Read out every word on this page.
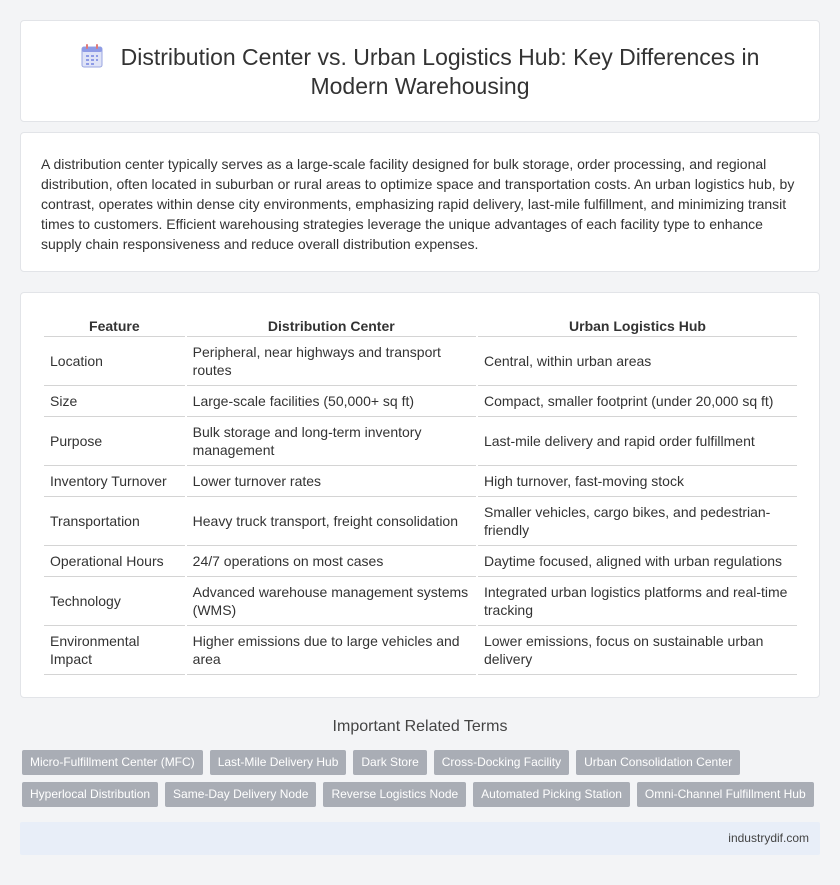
Distribution Center vs. Urban Logistics Hub: Key Differences in Modern Warehousing

A distribution center typically serves as a large-scale facility designed for bulk storage, order processing, and regional distribution, often located in suburban or rural areas to optimize space and transportation costs. An urban logistics hub, by contrast, operates within dense city environments, emphasizing rapid delivery, last-mile fulfillment, and minimizing transit times to customers. Efficient warehousing strategies leverage the unique advantages of each facility type to enhance supply chain responsiveness and reduce overall distribution expenses.

Feature	Distribution Center	Urban Logistics Hub
Location	Peripheral, near highways and transport routes	Central, within urban areas
Size	Large-scale facilities (50,000+ sq ft)	Compact, smaller footprint (under 20,000 sq ft)
Purpose	Bulk storage and long-term inventory management	Last-mile delivery and rapid order fulfillment
Inventory Turnover	Lower turnover rates	High turnover, fast-moving stock
Transportation	Heavy truck transport, freight consolidation	Smaller vehicles, cargo bikes, and pedestrian-friendly
Operational Hours	24/7 operations on most cases	Daytime focused, aligned with urban regulations
Technology	Advanced warehouse management systems (WMS)	Integrated urban logistics platforms and real-time tracking
Environmental Impact	Higher emissions due to large vehicles and area	Lower emissions, focus on sustainable urban delivery
Important Related Terms
Micro-Fulfillment Center (MFC)	Last-Mile Delivery Hub	Dark Store	Cross-Docking Facility	Urban Consolidation Center
Hyperlocal Distribution	Same-Day Delivery Node	Reverse Logistics Node	Automated Picking Station	Omni-Channel Fulfillment Hub
industrydif.com
